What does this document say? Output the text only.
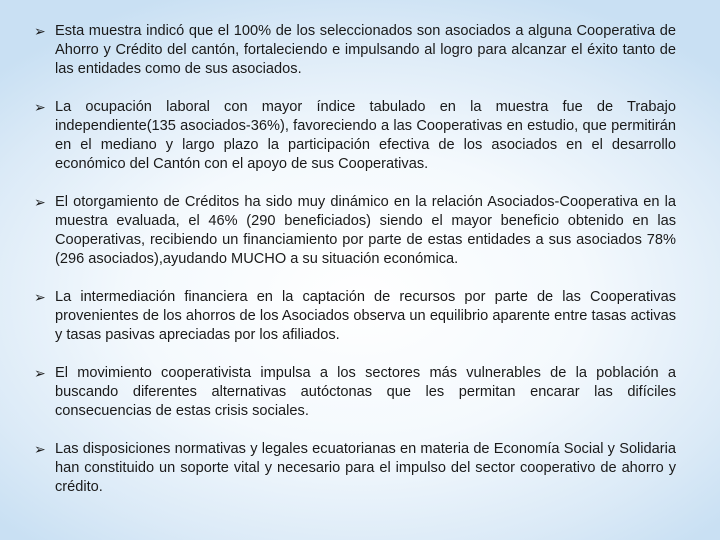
➢ Esta muestra indicó que el 100% de los seleccionados son asociados a alguna Cooperativa de Ahorro y Crédito del cantón, fortaleciendo e impulsando al logro para alcanzar el éxito tanto de las entidades como de sus asociados.
➢ La ocupación laboral con mayor índice tabulado en la muestra fue de Trabajo independiente(135 asociados-36%), favoreciendo a las Cooperativas en estudio, que permitirán en el mediano y largo plazo la participación efectiva de los asociados en el desarrollo económico del Cantón con el apoyo de sus Cooperativas.
➢ El otorgamiento de Créditos ha sido muy dinámico en la relación Asociados-Cooperativa en la muestra evaluada, el 46% (290 beneficiados) siendo el mayor beneficio obtenido en las Cooperativas, recibiendo un financiamiento por parte de estas entidades a sus asociados 78%(296 asociados),ayudando MUCHO a su situación económica.
➢ La intermediación financiera en la captación de recursos por parte de las Cooperativas provenientes de los ahorros de los Asociados observa un equilibrio aparente entre tasas activas y tasas pasivas apreciadas por los afiliados.
➢ El movimiento cooperativista impulsa a los sectores más vulnerables de la población a buscando diferentes alternativas autóctonas que les permitan encarar las difíciles consecuencias de estas crisis sociales.
➢ Las disposiciones normativas y legales ecuatorianas en materia de Economía Social y Solidaria han constituido un soporte vital y necesario para el impulso del sector cooperativo de ahorro y crédito.
